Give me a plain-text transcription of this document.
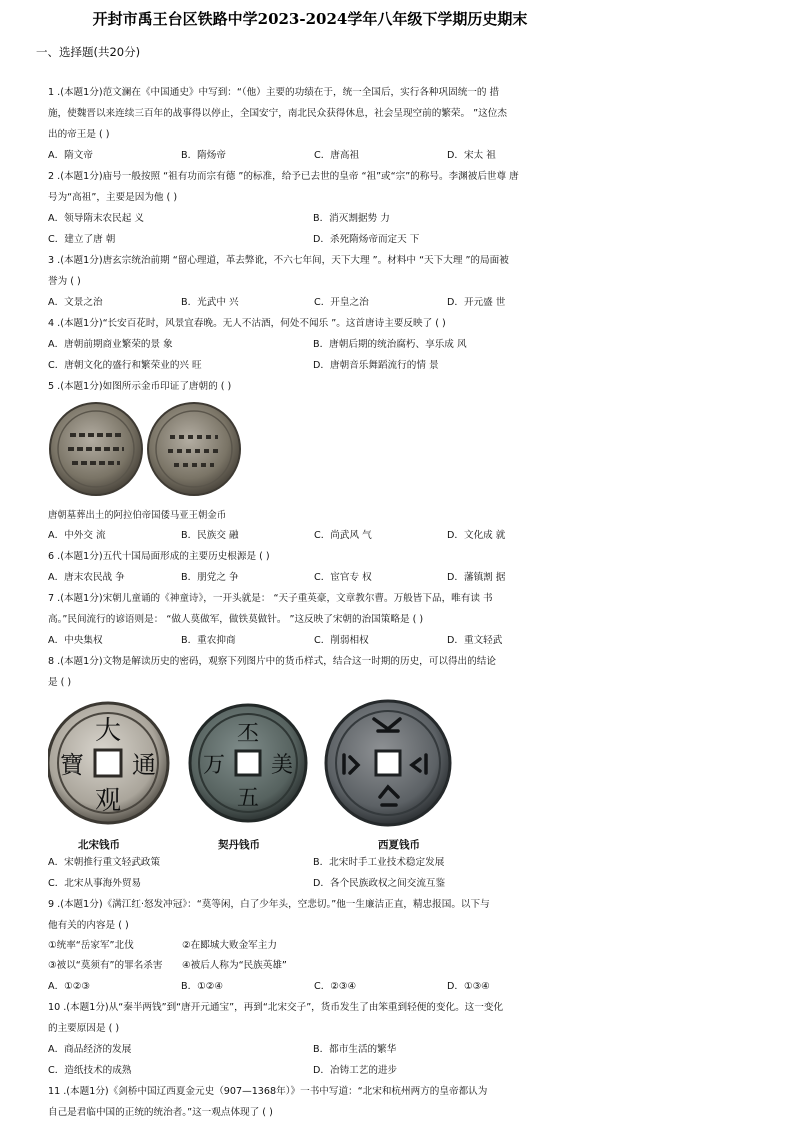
开封市禹王台区铁路中学2023-2024学年八年级下学期历史期末
一、选择题(共20分)
1 .(本题1分)范文澜在《中国通史》中写到：“（他）主要的功绩在于，统一全国后，实行各种巩固统一的 措
施，使魏晋以来连续三百年的战事得以停止，全国安宁，南北民众获得休息，社会呈现空前的繁荣。 ”这位杰
出的帝王是 ( )
A．隋文帝	B．隋炀帝	C．唐高祖	D．宋太 祖
2 .(本题1分)庙号一般按照 “祖有功而宗有德 ”的标准，给予已去世的皇帝 “祖”或“宗”的称号。李渊被后世尊 唐
号为“高祖”，主要是因为他 ( )
A．领导隋末农民起 义	B．消灭割据势 力
C．建立了唐 朝	D．杀死隋炀帝而定天 下
3 .(本题1分)唐玄宗统治前期 “留心理道，革去弊讹，不六七年间，天下大理 ”。材料中 “天下大理 ”的局面被
誉为 ( )
A．文景之治	B．光武中 兴	C．开皇之治	D．开元盛 世
4 .(本题1分)“长安百花时，风景宜春晚。无人不沽酒，何处不闻乐 ”。这首唐诗主要反映了 ( )
A．唐朝前期商业繁荣的景 象	B．唐朝后期的统治腐朽、享乐成 风
C．唐朝文化的盛行和繁荣业的兴 旺	D．唐朝音乐舞蹈流行的情 景
5 .(本题1分)如图所示金币印证了唐朝的 ( )
唐朝墓葬出土的阿拉伯帝国倭马亚王朝金币
A．中外交 流	B．民族交 融	C．尚武风 气	D．文化成 就
6 .(本题1分)五代十国局面形成的主要历史根源是 ( )
A．唐末农民战 争	B．朋党之 争	C．宦官专 权	D．藩镇割 据
7 .(本题1分)宋朝儿童诵的《神童诗》，一开头就是： “天子重英豪，文章教尔曹。万般皆下品，唯有读 书
高。”民间流行的谚语则是： “做人莫做军，做铁莫做针。 ”这反映了宋朝的治国策略是 ( )
A．中央集权	B．重农抑商	C．削弱相权	D．重文轻武
8 .(本题1分)文物是解读历史的密码，观察下列图片中的货币样式，结合这一时期的历史，可以得出的结论
是 ( )
大
通
观
寶
丕
美
五
万
北宋钱币	契丹钱币	西夏钱币
A．宋朝推行重文轻武政策	B．北宋时手工业技术稳定发展
C．北宋从事海外贸易	D．各个民族政权之间交流互鉴
9 .(本题1分)《满江红·怒发冲冠》：“莫等闲，白了少年头，空悲切。”他一生廉洁正直，精忠报国。以下与
他有关的内容是 ( )
①统率“岳家军”北伐	②在郾城大败金军主力
③被以“莫须有”的罪名杀害	④被后人称为“民族英雄”
A．①②③	B．①②④	C．②③④	D．①③④
10 .(本题1分)从“秦半两钱”到“唐开元通宝”，再到“北宋交子”，货币发生了由笨重到轻便的变化。这一变化
的主要原因是 ( )
A．商品经济的发展	B．都市生活的繁华
C．造纸技术的成熟	D．冶铸工艺的进步
11 .(本题1分)《剑桥中国辽西夏金元史（907—1368年）》一书中写道：“北宋和杭州两方的皇帝都认为
自己是君临中国的正统的统治者。”这一观点体现了 ( )
